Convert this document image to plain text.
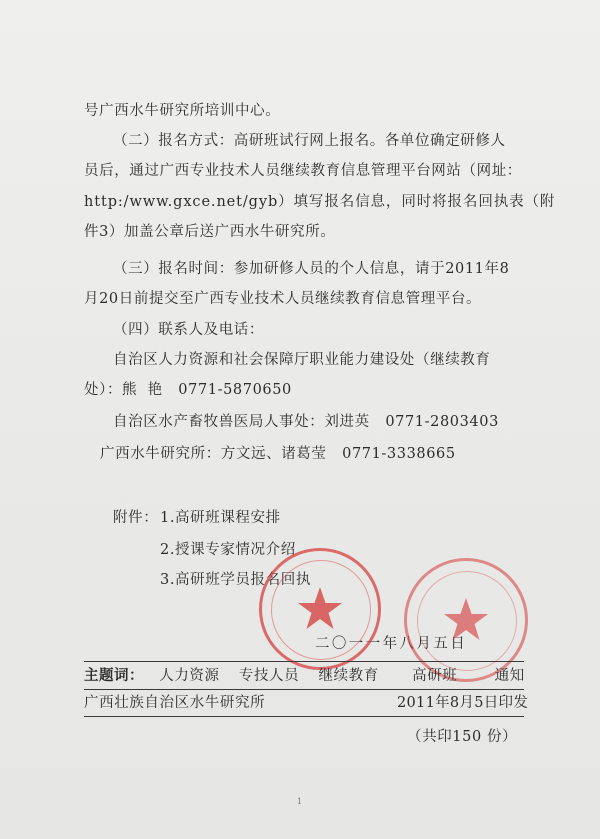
号广西水牛研究所培训中心。
（二）报名方式：高研班试行网上报名。各单位确定研修人
员后，通过广西专业技术人员继续教育信息管理平台网站（网址：
http:/www.gxce.net/gyb）填写报名信息，同时将报名回执表（附
件3）加盖公章后送广西水牛研究所。
（三）报名时间：参加研修人员的个人信息，请于2011年8
月20日前提交至广西专业技术人员继续教育信息管理平台。
（四）联系人及电话：
自治区人力资源和社会保障厅职业能力建设处（继续教育
处）：熊  艳   0771-5870650
自治区水产畜牧兽医局人事处：刘进英   0771-2803403
广西水牛研究所：方文远、诸葛莹   0771-3338665
附件： 1.高研班课程安排
2.授课专家情况介绍
3.高研班学员报名回执
二〇一一年八月五日
主题词： 人力资源 专技人员 继续教育 高研班	通知
广西壮族自治区水牛研究所	2011年8月5日印发
（共印150 份）
1
